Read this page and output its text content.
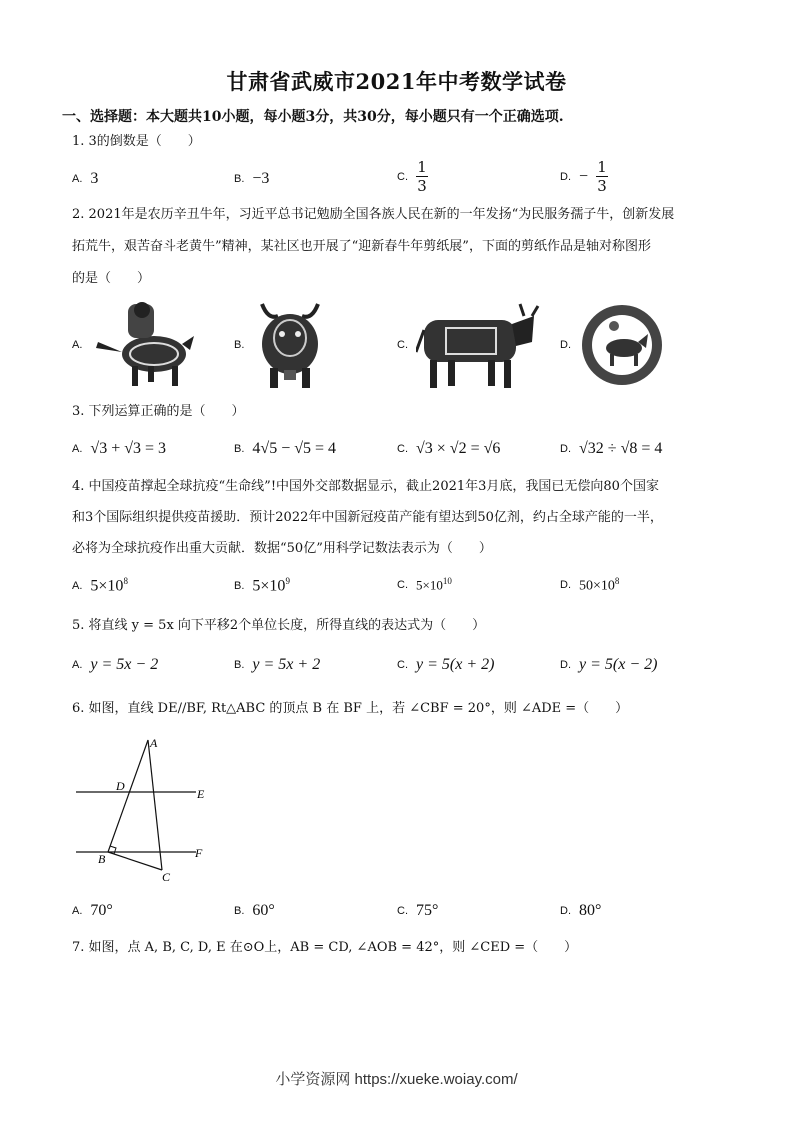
甘肃省武威市2021年中考数学试卷
一、选择题：本大题共10小题，每小题3分，共30分，每小题只有一个正确选项.
1. 3的倒数是（　　）
A. 3	B. −3	C. $\frac{1}{3}$	D. − $\frac{1}{3}$
2. 2021年是农历辛丑牛年，习近平总书记勉励全国各族人民在新的一年发扬“为民服务孺子牛，创新发展
拓荒牛，艰苦奋斗老黄牛”精神，某社区也开展了“迎新春牛年剪纸展”，下面的剪纸作品是轴对称图形
的是（　　）
A.	B.	C.	D.
3. 下列运算正确的是（　　）
A. √3 + √3 = 3	B. 4√5 − √5 = 4	C. √3 × √2 = √6	D. √32 ÷ √8 = 4
4. 中国疫苗撑起全球抗疫“生命线”!中国外交部数据显示，截止2021年3月底，我国已无偿向80个国家
和3个国际组织提供疫苗援助．预计2022年中国新冠疫苗产能有望达到50亿剂，约占全球产能的一半，
必将为全球抗疫作出重大贡献．数据“50亿”用科学记数法表示为（　　）
A. $5\times 10^8$	B. $5\times 10^9$	C. $5\times 10^{10}$	D. $50\times 10^8$
5. 将直线 y = 5x 向下平移2个单位长度，所得直线的表达式为（　　）
A. y = 5x − 2	B. y = 5x + 2	C. y = 5(x + 2)	D. y = 5(x − 2)
6. 如图，直线 DE//BF, Rt△ABC 的顶点 B 在 BF 上，若 ∠CBF = 20°，则 ∠ADE =（　　）
A
D
E
B	F
C
A. 70°	B. 60°	C. 75°	D. 80°
7. 如图，点 A, B, C, D, E 在⊙O上，AB = CD, ∠AOB = 42°，则 ∠CED =（　　）
小学资源网 https://xueke.woiay.com/
